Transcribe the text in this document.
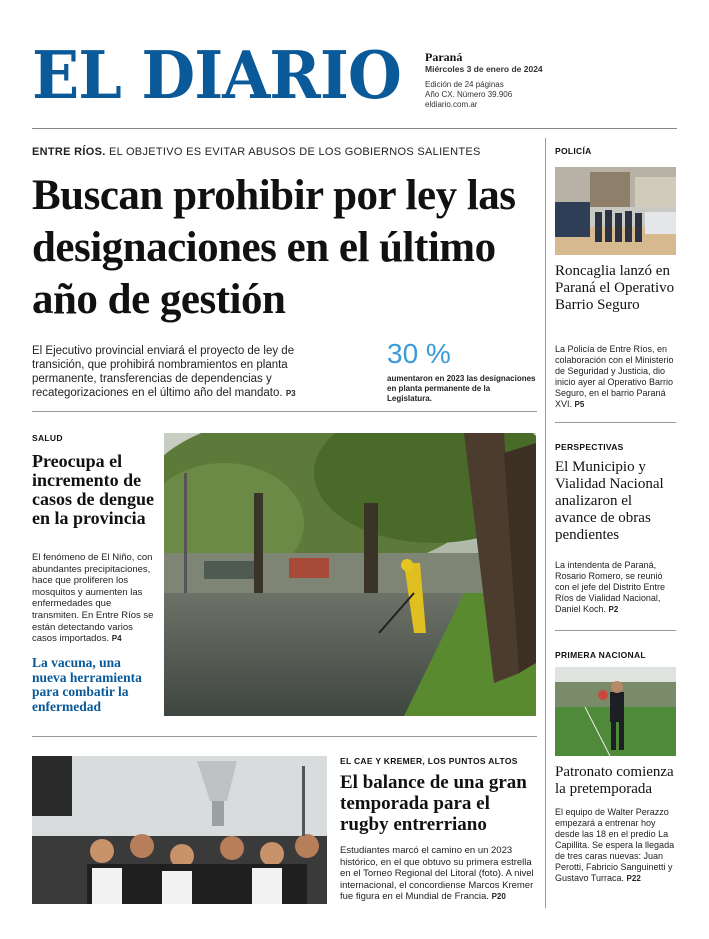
EL DIARIO Paraná
Miércoles 3 de enero de 2024
Edición de 24 páginas
Año CX. Número 39.906
eldiario.com.ar
ENTRE RÍOS. EL OBJETIVO ES EVITAR ABUSOS DE LOS GOBIERNOS SALIENTES
Buscan prohibir por ley las designaciones en el último año de gestión

El Ejecutivo provincial enviará el proyecto de ley de transición, que prohibirá nombramientos en planta permanente, transferencias de dependencias y recategorizaciones en el último año del mandato. P3

30 %
aumentaron en 2023 las designaciones en planta permanente de la Legislatura.
SALUD
Preocupa el incremento de casos de dengue en la provincia

El fenómeno de El Niño, con abundantes precipitaciones, hace que proliferen los mosquitos y aumenten las enfermedades que transmiten. En Entre Ríos se están detectando varios casos importados. P4

La vacuna, una nueva herramienta para combatir la enfermedad
EL CAE Y KREMER, LOS PUNTOS ALTOS
El balance de una gran temporada para el rugby entrerriano

Estudiantes marcó el camino en un 2023 histórico, en el que obtuvo su primera estrella en el Torneo Regional del Litoral (foto). A nivel internacional, el concordiense Marcos Kremer fue figura en el Mundial de Francia. P20

POLICÍA
Roncaglia lanzó en Paraná el Operativo Barrio Seguro

La Policía de Entre Ríos, en colaboración con el Ministerio de Seguridad y Justicia, dio inicio ayer al Operativo Barrio Seguro, en el barrio Paraná XVI. P5

PERSPECTIVAS
El Municipio y Vialidad Nacional analizaron el avance de obras pendientes

La intendenta de Paraná, Rosario Romero, se reunió con el jefe del Distrito Entre Ríos de Vialidad Nacional, Daniel Koch. P2

PRIMERA NACIONAL
Patronato comienza la pretemporada

El equipo de Walter Perazzo empezará a entrenar hoy desde las 18 en el predio La Capillita. Se espera la llegada de tres caras nuevas: Juan Perotti, Fabricio Sanguinetti y Gustavo Turraca. P22
